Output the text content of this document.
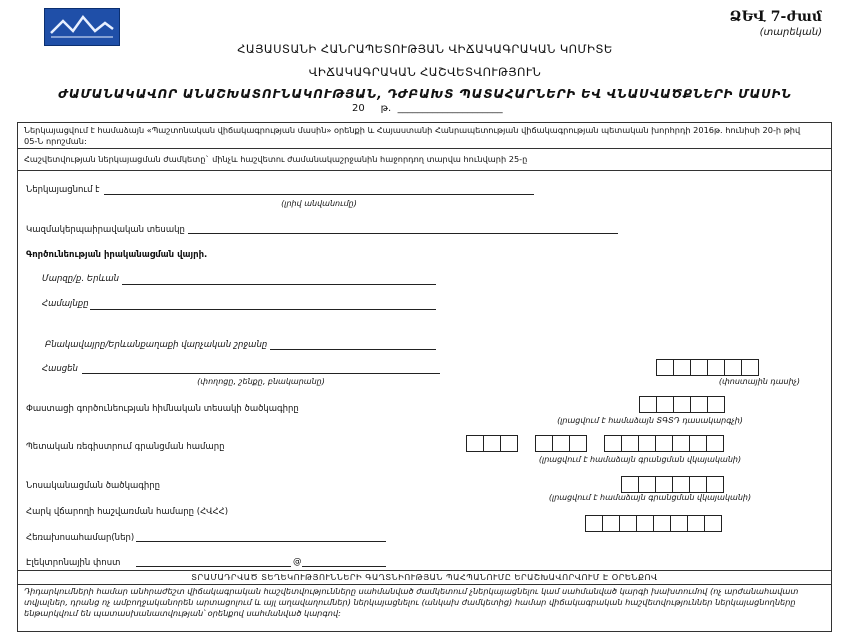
ՁԵՎ 7-ժամ
(տարեկան)
ՀԱՅԱՍՏԱՆԻ ՀԱՆՐԱՊԵՏՈՒԹՅԱՆ ՎԻՃԱԿԱԳՐԱԿԱՆ ԿՈՄԻՏԵ
ՎԻՃԱԿԱԳՐԱԿԱՆ ՀԱՇՎԵՏՎՈՒԹՅՈՒՆ
ԺԱՄԱՆԱԿԱՎՈՐ ԱՆԱՇԽԱՏՈՒՆԱԿՈՒԹՅԱՆ, ԴԺԲԱԽՏ ՊԱՏԱՀԱՐՆԵՐԻ ԵՎ ՎՆԱՍՎԱԾՔՆԵՐԻ ՄԱՍԻՆ
20 թ. _____________________
Ներկայացվում է համաձայն «Պաշտոնական վիճակագրության մասին» օրենքի և Հայաստանի Հանրապետության վիճակագրության պետական խորհրդի 2016թ. հունիսի 20-ի թիվ 05-Ն որոշման:
Հաշվետվության ներկայացման ժամկետը` մինչև հաշվետու ժամանակաշրջանին հաջորդող տարվա հունվարի 25-ը
Ներկայացնում է
(լրիվ անվանումը)
Կազմակերպաիրավական տեսակը
Գործունեության իրականացման վայրի.
Մարզը/ք. Երևան
Համայնքը
Բնակավայրը/Երևանքաղաքի վարչական շրջանը
Հասցեն
(փողոցը, շենքը, բնակարանը)	(փոստային դասիչ)
Փաստացի գործունեության հիմնական տեսակի ծածկագիրը
(լրացվում է համաձայն ՏԳՏԴ դասակարգչի)
Պետական ռեգիստրում գրանցման համարը
(լրացվում է համաձայն գրանցման վկայականի)
Նոսականացման ծածկագիրը
(լրացվում է համաձայն գրանցման վկայականի)
Հարկ վճարողի հաշվառման համարը (ՀՎՀՀ)
Հեռախոսահամար(ներ)
Էլեկտրոնային փոստ	@
ՏՐԱՄԱԴՐՎԱԾ ՏԵՂԵԿՈՒԹՅՈՒՆՆԵՐԻ ԳԱՂՏՆԻՈՒԹՅԱՆ ՊԱՀՊԱՆՈՒՄԸ ԵՐԱՇԽԱՎՈՐՎՈՒՄ Է ՕՐԵՆՔՈՎ
Դիդարկումների համար անհրաժեշտ վիճակագրական հաշվետվությունները սահմանված ժամկետում չներկայացնելու կամ սահմանված կարգի խախտումով (ոչ արժանահավատ տվյալներ, դրանց ոչ ամբողջականորեն արտացոլում և այլ աղավաղումներ) ներկայացնելու (անկախ ժամկետից) համար վիճակագրական հաշվետվություններ ներկայացնողները ենթարկվում են պատասխանատվության՝ օրենքով սահմանված կարգով:
